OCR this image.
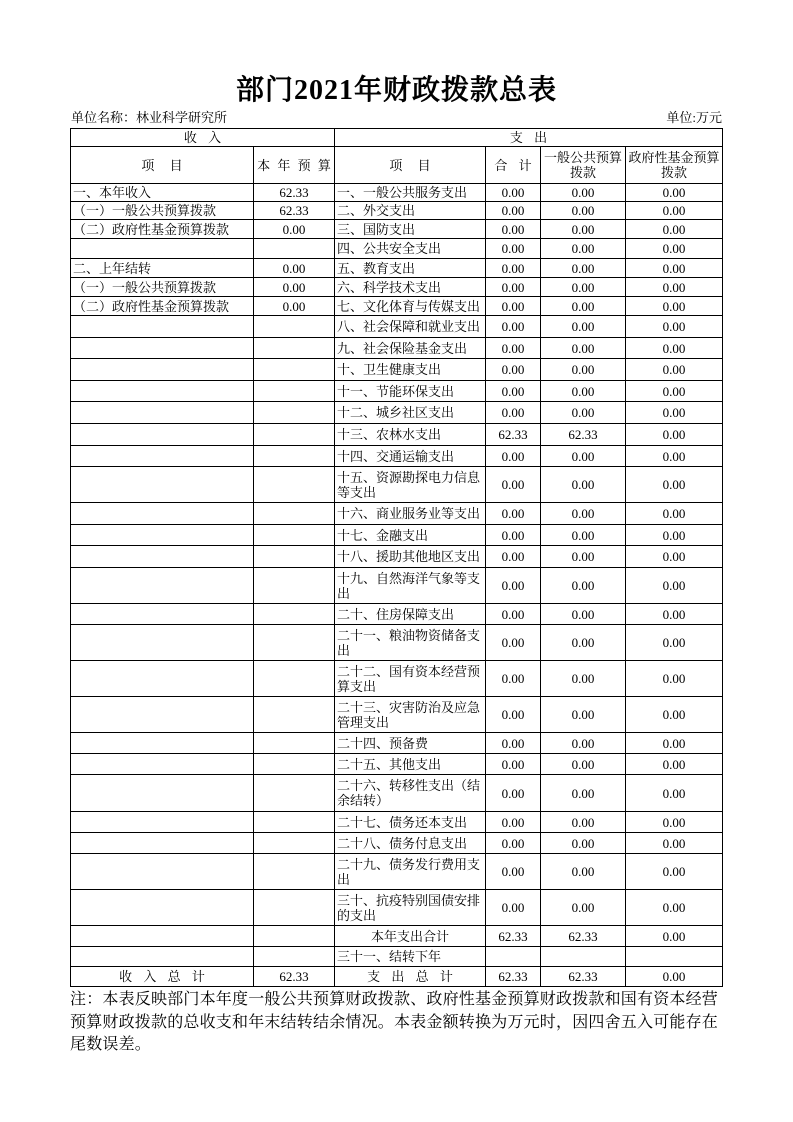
部门2021年财政拨款总表
单位名称：林业科学研究所	单位:万元
收 入		支 出			
项 目	本 年 预 算	项 目	合 计	一般公共预算拨款	政府性基金预算拨款
一、本年收入	62.33	一、一般公共服务支出	0.00	0.00	0.00
（一）一般公共预算拨款	62.33	二、外交支出	0.00	0.00	0.00
（二）政府性基金预算拨款	0.00	三、国防支出	0.00	0.00	0.00
		四、公共安全支出	0.00	0.00	0.00
二、上年结转	0.00	五、教育支出	0.00	0.00	0.00
（一）一般公共预算拨款	0.00	六、科学技术支出	0.00	0.00	0.00
（二）政府性基金预算拨款	0.00	七、文化体育与传媒支出	0.00	0.00	0.00
		八、社会保障和就业支出	0.00	0.00	0.00
		九、社会保险基金支出	0.00	0.00	0.00
		十、卫生健康支出	0.00	0.00	0.00
		十一、节能环保支出	0.00	0.00	0.00
		十二、城乡社区支出	0.00	0.00	0.00
		十三、农林水支出	62.33	62.33	0.00
		十四、交通运输支出	0.00	0.00	0.00
		十五、资源勘探电力信息等支出	0.00	0.00	0.00
		十六、商业服务业等支出	0.00	0.00	0.00
		十七、金融支出	0.00	0.00	0.00
		十八、援助其他地区支出	0.00	0.00	0.00
		十九、自然海洋气象等支出	0.00	0.00	0.00
		二十、住房保障支出	0.00	0.00	0.00
		二十一、粮油物资储备支出	0.00	0.00	0.00
		二十二、国有资本经营预算支出	0.00	0.00	0.00
		二十三、灾害防治及应急管理支出	0.00	0.00	0.00
		二十四、预备费	0.00	0.00	0.00
		二十五、其他支出	0.00	0.00	0.00
		二十六、转移性支出（结余结转）	0.00	0.00	0.00
		二十七、债务还本支出	0.00	0.00	0.00
		二十八、债务付息支出	0.00	0.00	0.00
		二十九、债务发行费用支出	0.00	0.00	0.00
		三十、抗疫特别国债安排的支出	0.00	0.00	0.00
		本年支出合计	62.33	62.33	0.00
		三十一、结转下年			
收 入 总 计	62.33	支 出 总 计	62.33	62.33	0.00
注：本表反映部门本年度一般公共预算财政拨款、政府性基金预算财政拨款和国有资本经营预算财政拨款的总收支和年末结转结余情况。本表金额转换为万元时，因四舍五入可能存在尾数误差。
